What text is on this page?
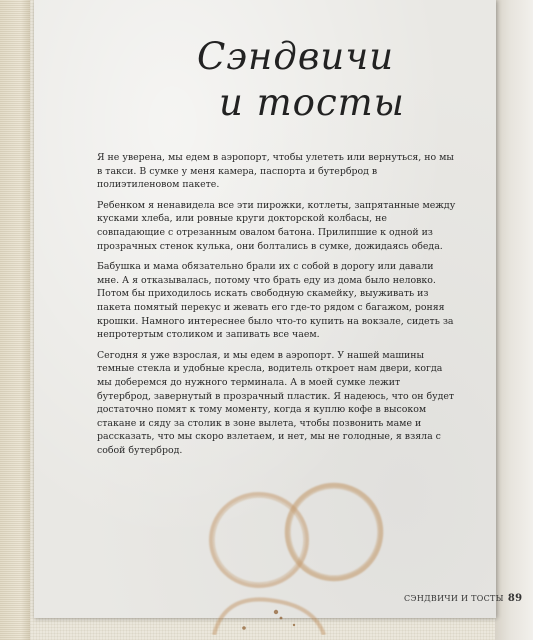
Сэндвичи
и тосты

Я не уверена, мы едем в аэропорт, чтобы улететь или вернуться, но мы в такси. В сумке у меня камера, паспорта и бутерброд в полиэтиленовом пакете.

Ребенком я ненавидела все эти пирожки, котлеты, запрятанные между кусками хлеба, или ровные круги докторской колбасы, не совпадающие с отрезанным овалом батона. Прилипшие к одной из прозрачных стенок кулька, они болтались в сумке, дожидаясь обеда.

Бабушка и мама обязательно брали их с собой в дорогу или давали мне. А я отказывалась, потому что брать еду из дома было неловко. Потом бы приходилось искать свободную скамейку, выуживать из пакета помятый перекус и жевать его где-то рядом с багажом, роняя крошки. Намного интереснее было что-то купить на вокзале, сидеть за непротертым столиком и запивать все чаем.

Сегодня я уже взрослая, и мы едем в аэропорт. У нашей машины темные стекла и удобные кресла, водитель откроет нам двери, когда мы доберемся до нужного терминала. А в моей сумке лежит бутерброд, завернутый в прозрачный пластик. Я надеюсь, что он будет достаточно помят к тому моменту, когда я куплю кофе в высоком стакане и сяду за столик в зоне вылета, чтобы позвонить маме и рассказать, что мы скоро взлетаем, и нет, мы не голодные, я взяла с собой бутерброд.

СЭНДВИЧИ И ТОСТЫ 89
